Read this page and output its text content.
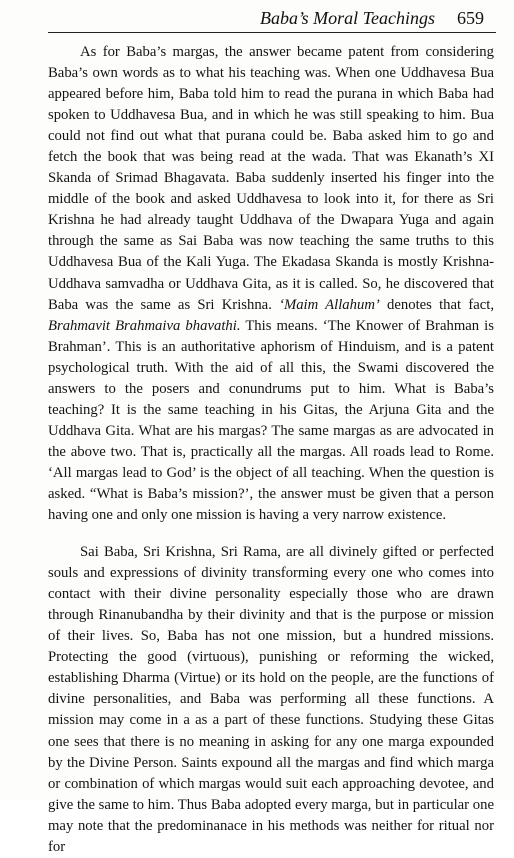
Baba’s Moral Teachings 659

As for Baba’s margas, the answer became patent from considering Baba’s own words as to what his teaching was. When one Uddhavesa Bua appeared before him, Baba told him to read the purana in which Baba had spoken to Uddhavesa Bua, and in which he was still speaking to him. Bua could not find out what that purana could be. Baba asked him to go and fetch the book that was being read at the wada. That was Ekanath’s XI Skanda of Srimad Bhagavata. Baba suddenly inserted his finger into the middle of the book and asked Uddhavesa to look into it, for there as Sri Krishna he had already taught Uddhava of the Dwapara Yuga and again through the same as Sai Baba was now teaching the same truths to this Uddhavesa Bua of the Kali Yuga. The Ekadasa Skanda is mostly Krishna-Uddhava samvadha or Uddhava Gita, as it is called. So, he discovered that Baba was the same as Sri Krishna. ‘Maim Allahum’ denotes that fact, Brahmavit Brahmaiva bhavathi. This means. ‘The Knower of Brahman is Brahman’. This is an authoritative aphorism of Hinduism, and is a patent psychological truth. With the aid of all this, the Swami discovered the answers to the posers and conundrums put to him. What is Baba’s teaching? It is the same teaching in his Gitas, the Arjuna Gita and the Uddhava Gita. What are his margas? The same margas as are advocated in the above two. That is, practically all the margas. All roads lead to Rome. ‘All margas lead to God’ is the object of all teaching. When the question is asked. “What is Baba’s mission?’, the answer must be given that a person having one and only one mission is having a very narrow existence.

Sai Baba, Sri Krishna, Sri Rama, are all divinely gifted or perfected souls and expressions of divinity transforming every one who comes into contact with their divine personality especially those who are drawn through Rinanubandha by their divinity and that is the purpose or mission of their lives. So, Baba has not one mission, but a hundred missions. Protecting the good (virtuous), punishing or reforming the wicked, establishing Dharma (Virtue) or its hold on the people, are the functions of divine personalities, and Baba was performing all these functions. A mission may come in a as a part of these functions. Studying these Gitas one sees that there is no meaning in asking for any one marga expounded by the Divine Person. Saints expound all the margas and find which marga or combination of which margas would suit each approaching devotee, and give the same to him. Thus Baba adopted every marga, but in particular one may note that the predominanace in his methods was neither for ritual nor for
